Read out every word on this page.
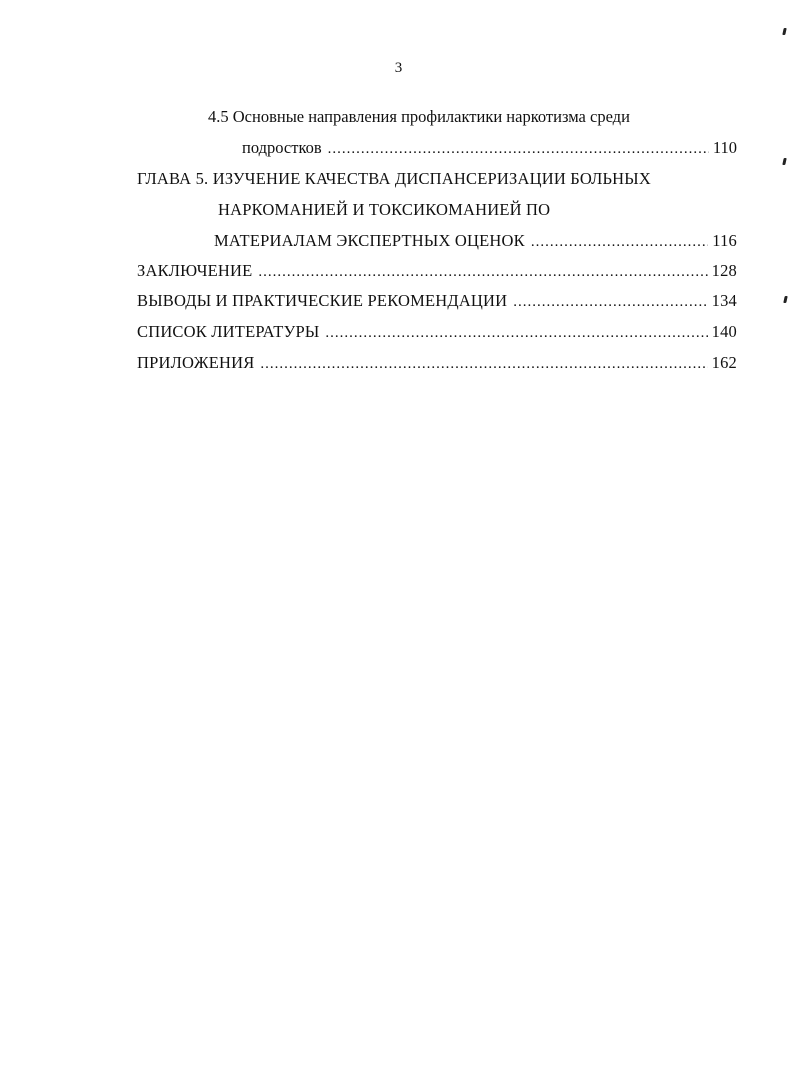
3
4.5 Основные направления профилактики наркотизма среди
подростков .....	110
ГЛАВА 5. ИЗУЧЕНИЕ КАЧЕСТВА ДИСПАНСЕРИЗАЦИИ БОЛЬНЫХ
НАРКОМАНИЕЙ И ТОКСИКОМАНИЕЙ ПО
МАТЕРИАЛАМ ЭКСПЕРТНЫХ ОЦЕНОК .....	116
ЗАКЛЮЧЕНИЕ .....	128
ВЫВОДЫ И ПРАКТИЧЕСКИЕ РЕКОМЕНДАЦИИ .....	134
СПИСОК ЛИТЕРАТУРЫ .....	140
ПРИЛОЖЕНИЯ .....	162
